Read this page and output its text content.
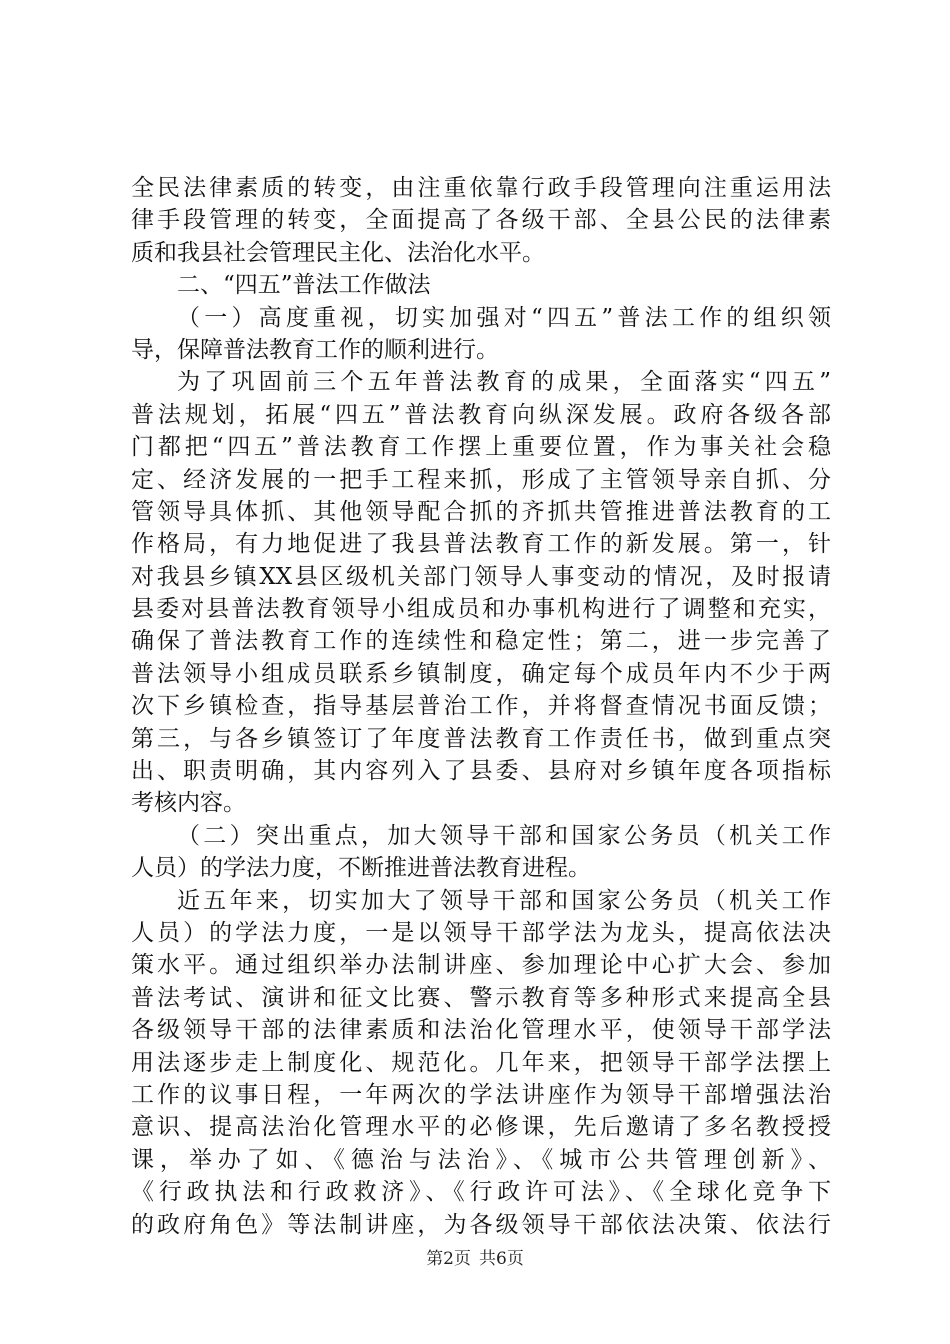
全民法律素质的转变，由注重依靠行政手段管理向注重运用法
律手段管理的转变，全面提高了各级干部、全县公民的法律素
质和我县社会管理民主化、法治化水平。
二、“四五”普法工作做法
（一）高度重视，切实加强对“四五”普法工作的组织领
导，保障普法教育工作的顺利进行。
为了巩固前三个五年普法教育的成果，全面落实“四五”
普法规划，拓展“四五”普法教育向纵深发展。政府各级各部
门都把“四五”普法教育工作摆上重要位置，作为事关社会稳
定、经济发展的一把手工程来抓，形成了主管领导亲自抓、分
管领导具体抓、其他领导配合抓的齐抓共管推进普法教育的工
作格局，有力地促进了我县普法教育工作的新发展。第一，针
对我县乡镇XX县区级机关部门领导人事变动的情况，及时报请
县委对县普法教育领导小组成员和办事机构进行了调整和充实，
确保了普法教育工作的连续性和稳定性；第二，进一步完善了
普法领导小组成员联系乡镇制度，确定每个成员年内不少于两
次下乡镇检查，指导基层普治工作，并将督查情况书面反馈；
第三，与各乡镇签订了年度普法教育工作责任书，做到重点突
出、职责明确，其内容列入了县委、县府对乡镇年度各项指标
考核内容。
（二）突出重点，加大领导干部和国家公务员（机关工作
人员）的学法力度，不断推进普法教育进程。
近五年来，切实加大了领导干部和国家公务员（机关工作
人员）的学法力度，一是以领导干部学法为龙头，提高依法决
策水平。通过组织举办法制讲座、参加理论中心扩大会、参加
普法考试、演讲和征文比赛、警示教育等多种形式来提高全县
各级领导干部的法律素质和法治化管理水平，使领导干部学法
用法逐步走上制度化、规范化。几年来，把领导干部学法摆上
工作的议事日程，一年两次的学法讲座作为领导干部增强法治
意识、提高法治化管理水平的必修课，先后邀请了多名教授授
课，举办了如、《德治与法治》、《城市公共管理创新》、
《行政执法和行政救济》、《行政许可法》、《全球化竞争下
的政府角色》等法制讲座，为各级领导干部依法决策、依法行
第2页 共6页
